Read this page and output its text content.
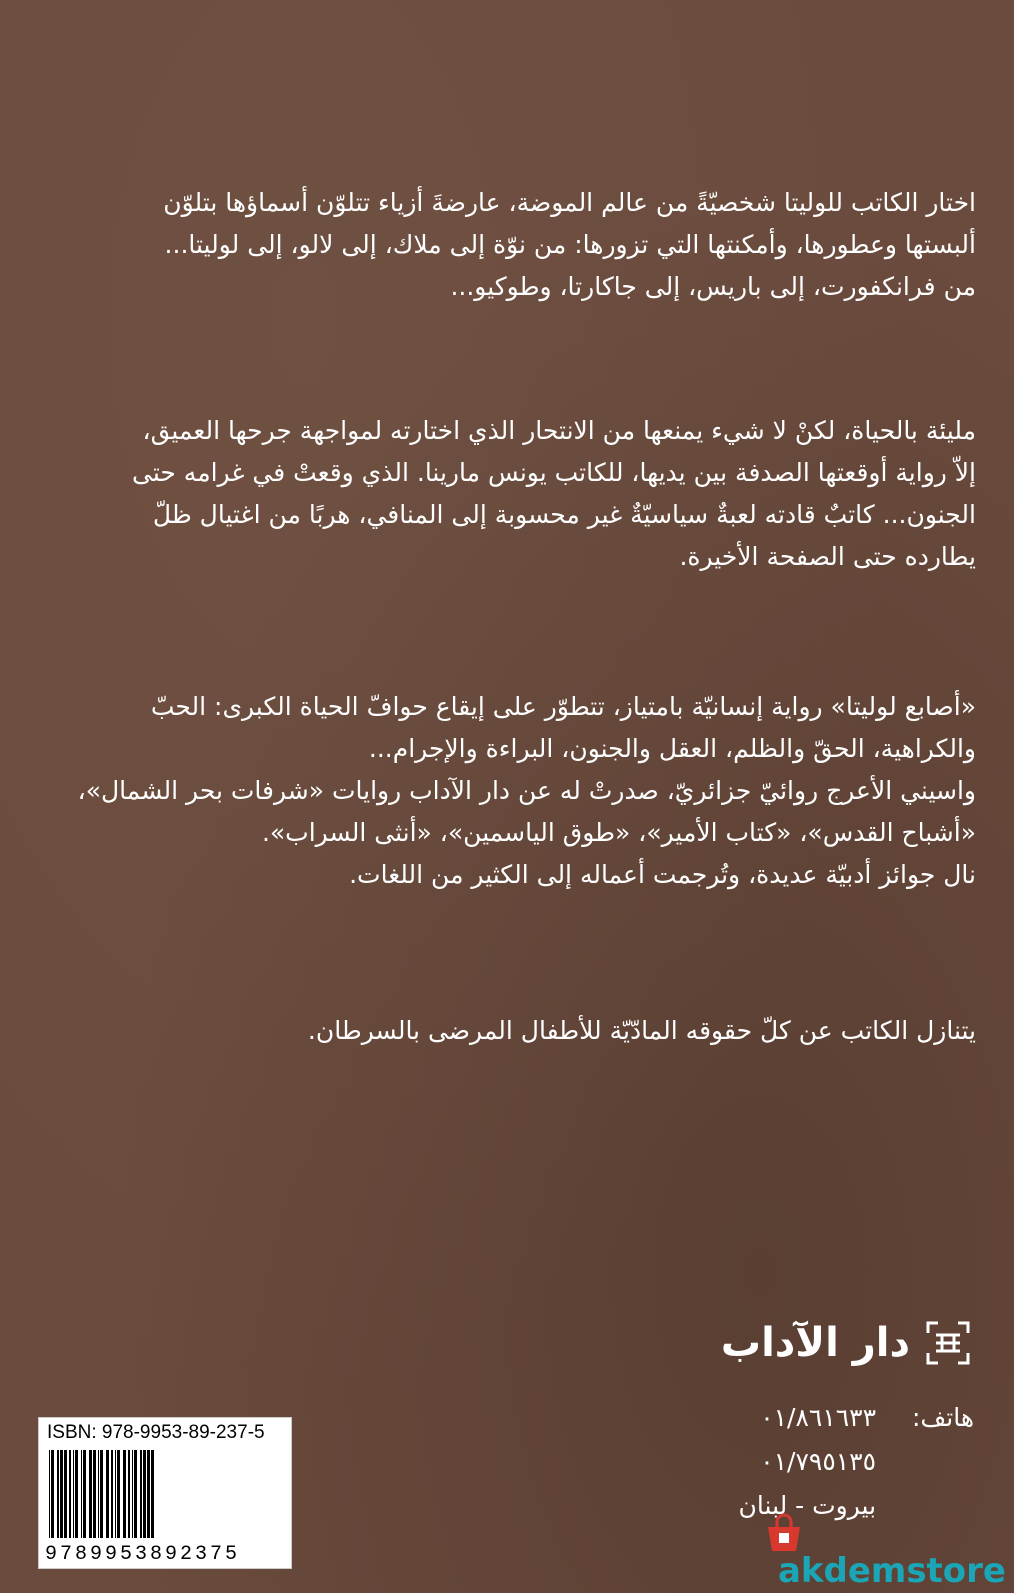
اختار الكاتب للوليتا شخصيّةً من عالم الموضة، عارضةَ أزياء تتلوّن أسماؤها بتلوّن

ألبستها وعطورها، وأمكنتها التي تزورها: من نوّة إلى ملاك، إلى لالو، إلى لوليتا...

من فرانكفورت، إلى باريس، إلى جاكارتا، وطوكيو...

مليئة بالحياة، لكنْ لا شيء يمنعها من الانتحار الذي اختارته لمواجهة جرحها العميق،

إلاّ رواية أوقعتها الصدفة بين يديها، للكاتب يونس مارينا. الذي وقعتْ في غرامه حتى

الجنون... كاتبٌ قادته لعبةٌ سياسيّةٌ غير محسوبة إلى المنافي، هربًا من اغتيال ظلّ

يطارده حتى الصفحة الأخيرة.

«أصابع لوليتا» رواية إنسانيّة بامتياز، تتطوّر على إيقاع حوافّ الحياة الكبرى: الحبّ

والكراهية، الحقّ والظلم، العقل والجنون، البراءة والإجرام...

واسيني الأعرج روائيّ جزائريّ، صدرتْ له عن دار الآداب روايات «شرفات بحر الشمال»،

«أشباح القدس»، «كتاب الأمير»، «طوق الياسمين»، «أنثى السراب».

نال جوائز أدبيّة عديدة، وتُرجمت أعماله إلى الكثير من اللغات.

يتنازل الكاتب عن كلّ حقوقه المادّيّة للأطفال المرضى بالسرطان.

دار الآداب
هاتف: ٠١/٨٦١٦٣٣
٠١/٧٩٥١٣٥
بيروت - لبنان
ISBN: 978-9953-89-237-5
9789953892375	akdemstore
